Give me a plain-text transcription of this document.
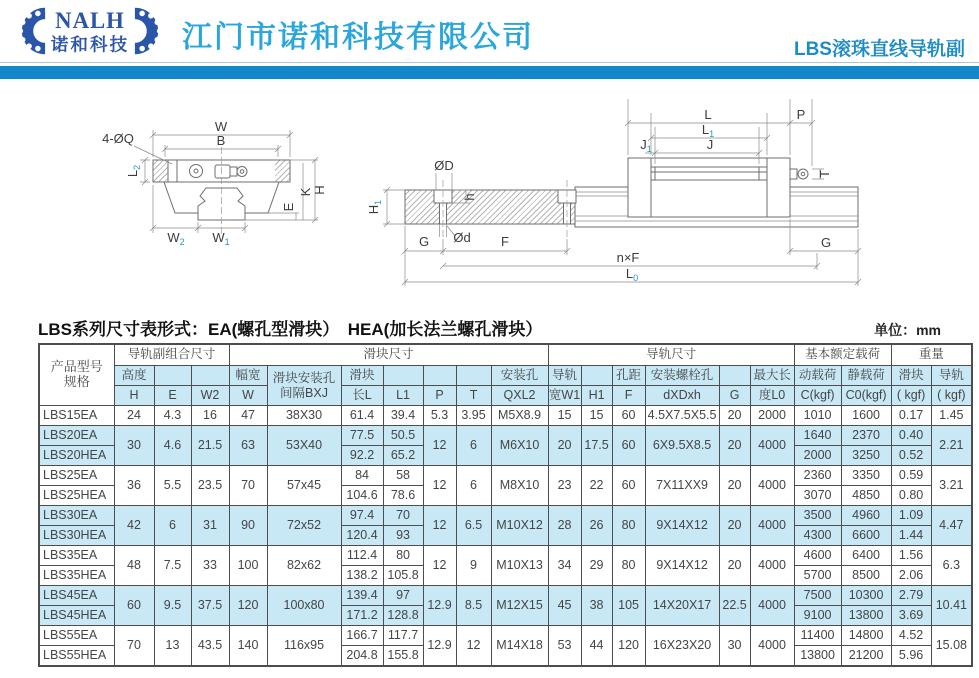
NALH
诺和科技 江门市诺和科技有限公司	LBS滚珠直线导轨副
W
B
4-ØQ
$L_2$
H
K
E
$W_2$ $W_1$
L	P
$L_1$
$J_1$	J
T
ØD
h
$H_1$
Ød
G	F
n×F
$L_0$
G
LBS系列尺寸表形式：EA(螺孔型滑块）　HEA(加长法兰螺孔滑块）	单位：mm
产品型号
规格	导轨副组合尺寸			滑块尺寸							导轨尺寸						基本额定载荷		重量	
	高度			幅宽	滑块安装孔
间隔BXJ	滑块				安装孔	导轨		孔距	安装螺栓孔		最大长	动载荷	静载荷	滑块	导轨
	H	E	W2	W		长L	L1	P	T	QXL2	宽W1	H1	F	dXDxh	G	度L0	C(kgf)	C0(kgf)	( kgf)	( kgf)
LBS15EA	24	4.3	16	47	38X30	61.4	39.4	5.3	3.95	M5X8.9	15	15	60	4.5X7.5X5.5	20	2000	1010	1600	0.17	1.45
LBS20EA	30	4.6	21.5	63	53X40	77.5	50.5	12	6	M6X10	20	17.5	60	6X9.5X8.5	20	4000	1640	2370	0.40	2.21
LBS20HEA						92.2	65.2										2000	3250	0.52	
LBS25EA	36	5.5	23.5	70	57x45	84	58	12	6	M8X10	23	22	60	7X11XX9	20	4000	2360	3350	0.59	3.21
LBS25HEA						104.6	78.6										3070	4850	0.80	
LBS30EA	42	6	31	90	72x52	97.4	70	12	6.5	M10X12	28	26	80	9X14X12	20	4000	3500	4960	1.09	4.47
LBS30HEA						120.4	93										4300	6600	1.44	
LBS35EA	48	7.5	33	100	82x62	112.4	80	12	9	M10X13	34	29	80	9X14X12	20	4000	4600	6400	1.56	6.3
LBS35HEA						138.2	105.8										5700	8500	2.06	
LBS45EA	60	9.5	37.5	120	100x80	139.4	97	12.9	8.5	M12X15	45	38	105	14X20X17	22.5	4000	7500	10300	2.79	10.41
LBS45HEA						171.2	128.8										9100	13800	3.69	
LBS55EA	70	13	43.5	140	116x95	166.7	117.7	12.9	12	M14X18	53	44	120	16X23X20	30	4000	11400	14800	4.52	15.08
LBS55HEA						204.8	155.8										13800	21200	5.96	
